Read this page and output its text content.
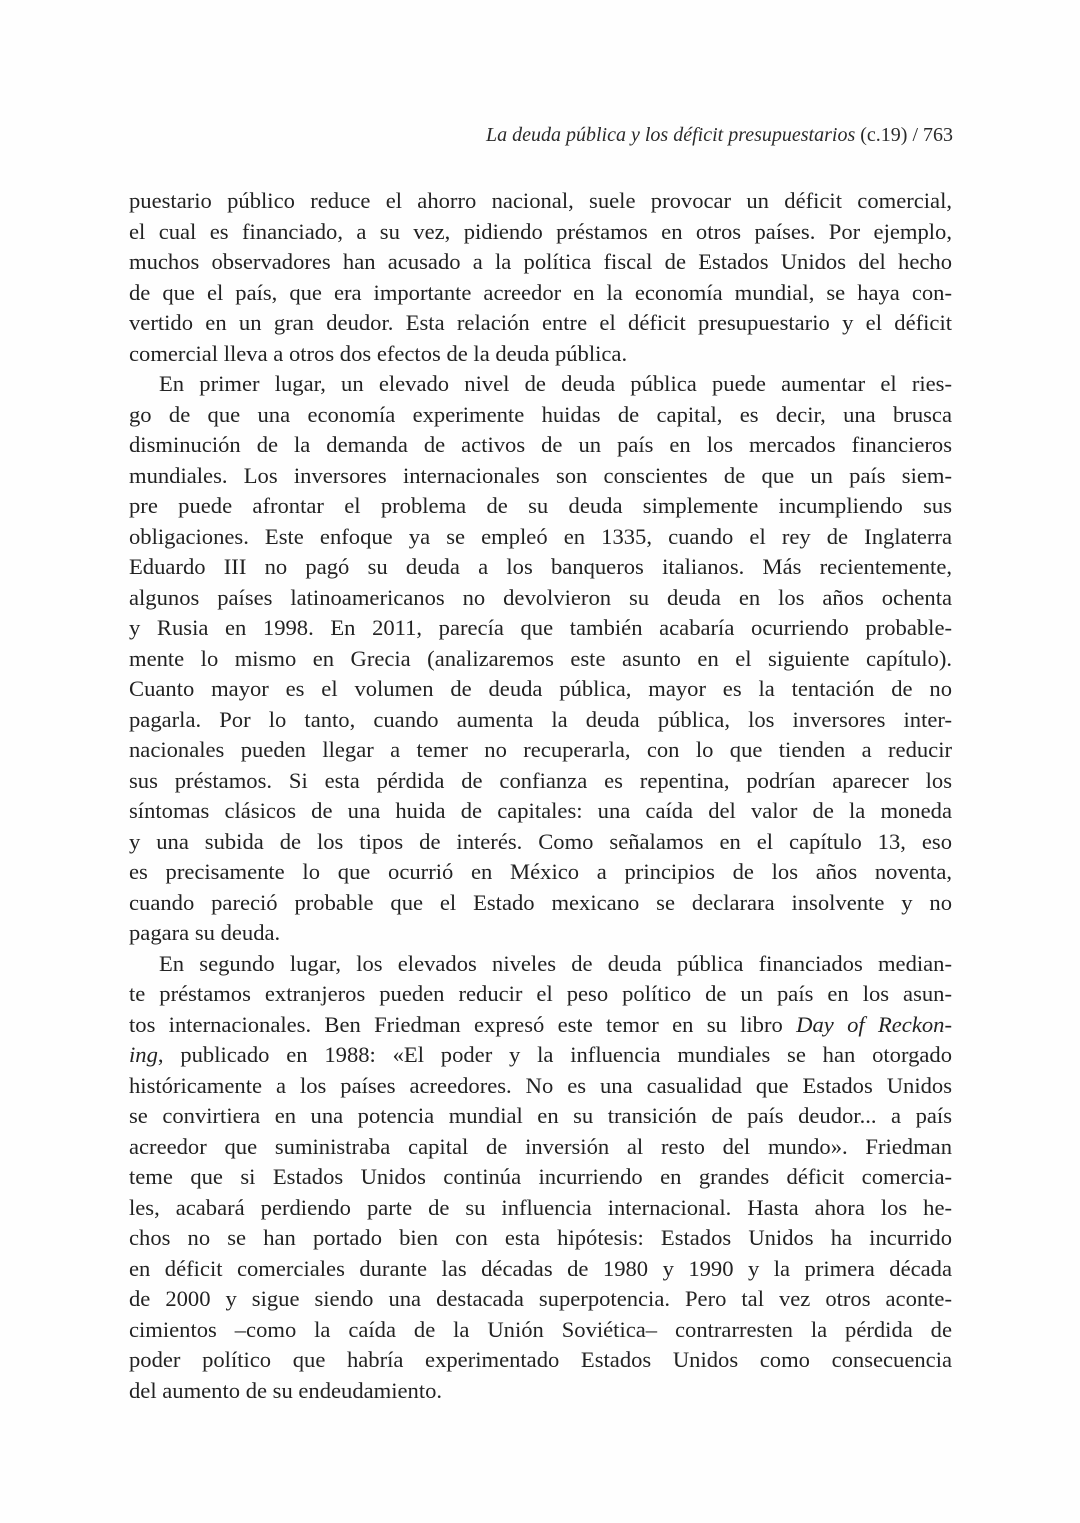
La deuda pública y los déficit presupuestarios (c.19) / 763
puestario público reduce el ahorro nacional, suele provocar un déficit comercial,
el cual es financiado, a su vez, pidiendo préstamos en otros países. Por ejemplo,
muchos observadores han acusado a la política fiscal de Estados Unidos del hecho
de que el país, que era importante acreedor en la economía mundial, se haya con-
vertido en un gran deudor. Esta relación entre el déficit presupuestario y el déficit
comercial lleva a otros dos efectos de la deuda pública.
En primer lugar, un elevado nivel de deuda pública puede aumentar el ries-
go de que una economía experimente huidas de capital, es decir, una brusca
disminución de la demanda de activos de un país en los mercados financieros
mundiales. Los inversores internacionales son conscientes de que un país siem-
pre puede afrontar el problema de su deuda simplemente incumpliendo sus
obligaciones. Este enfoque ya se empleó en 1335, cuando el rey de Inglaterra
Eduardo III no pagó su deuda a los banqueros italianos. Más recientemente,
algunos países latinoamericanos no devolvieron su deuda en los años ochenta
y Rusia en 1998. En 2011, parecía que también acabaría ocurriendo probable-
mente lo mismo en Grecia (analizaremos este asunto en el siguiente capítulo).
Cuanto mayor es el volumen de deuda pública, mayor es la tentación de no
pagarla. Por lo tanto, cuando aumenta la deuda pública, los inversores inter-
nacionales pueden llegar a temer no recuperarla, con lo que tienden a reducir
sus préstamos. Si esta pérdida de confianza es repentina, podrían aparecer los
síntomas clásicos de una huida de capitales: una caída del valor de la moneda
y una subida de los tipos de interés. Como señalamos en el capítulo 13, eso
es precisamente lo que ocurrió en México a principios de los años noventa,
cuando pareció probable que el Estado mexicano se declarara insolvente y no
pagara su deuda.
En segundo lugar, los elevados niveles de deuda pública financiados median-
te préstamos extranjeros pueden reducir el peso político de un país en los asun-
tos internacionales. Ben Friedman expresó este temor en su libro Day of Reckon-
ing, publicado en 1988: «El poder y la influencia mundiales se han otorgado
históricamente a los países acreedores. No es una casualidad que Estados Unidos
se convirtiera en una potencia mundial en su transición de país deudor... a país
acreedor que suministraba capital de inversión al resto del mundo». Friedman
teme que si Estados Unidos continúa incurriendo en grandes déficit comercia-
les, acabará perdiendo parte de su influencia internacional. Hasta ahora los he-
chos no se han portado bien con esta hipótesis: Estados Unidos ha incurrido
en déficit comerciales durante las décadas de 1980 y 1990 y la primera década
de 2000 y sigue siendo una destacada superpotencia. Pero tal vez otros aconte-
cimientos –como la caída de la Unión Soviética– contrarresten la pérdida de
poder político que habría experimentado Estados Unidos como consecuencia
del aumento de su endeudamiento.
